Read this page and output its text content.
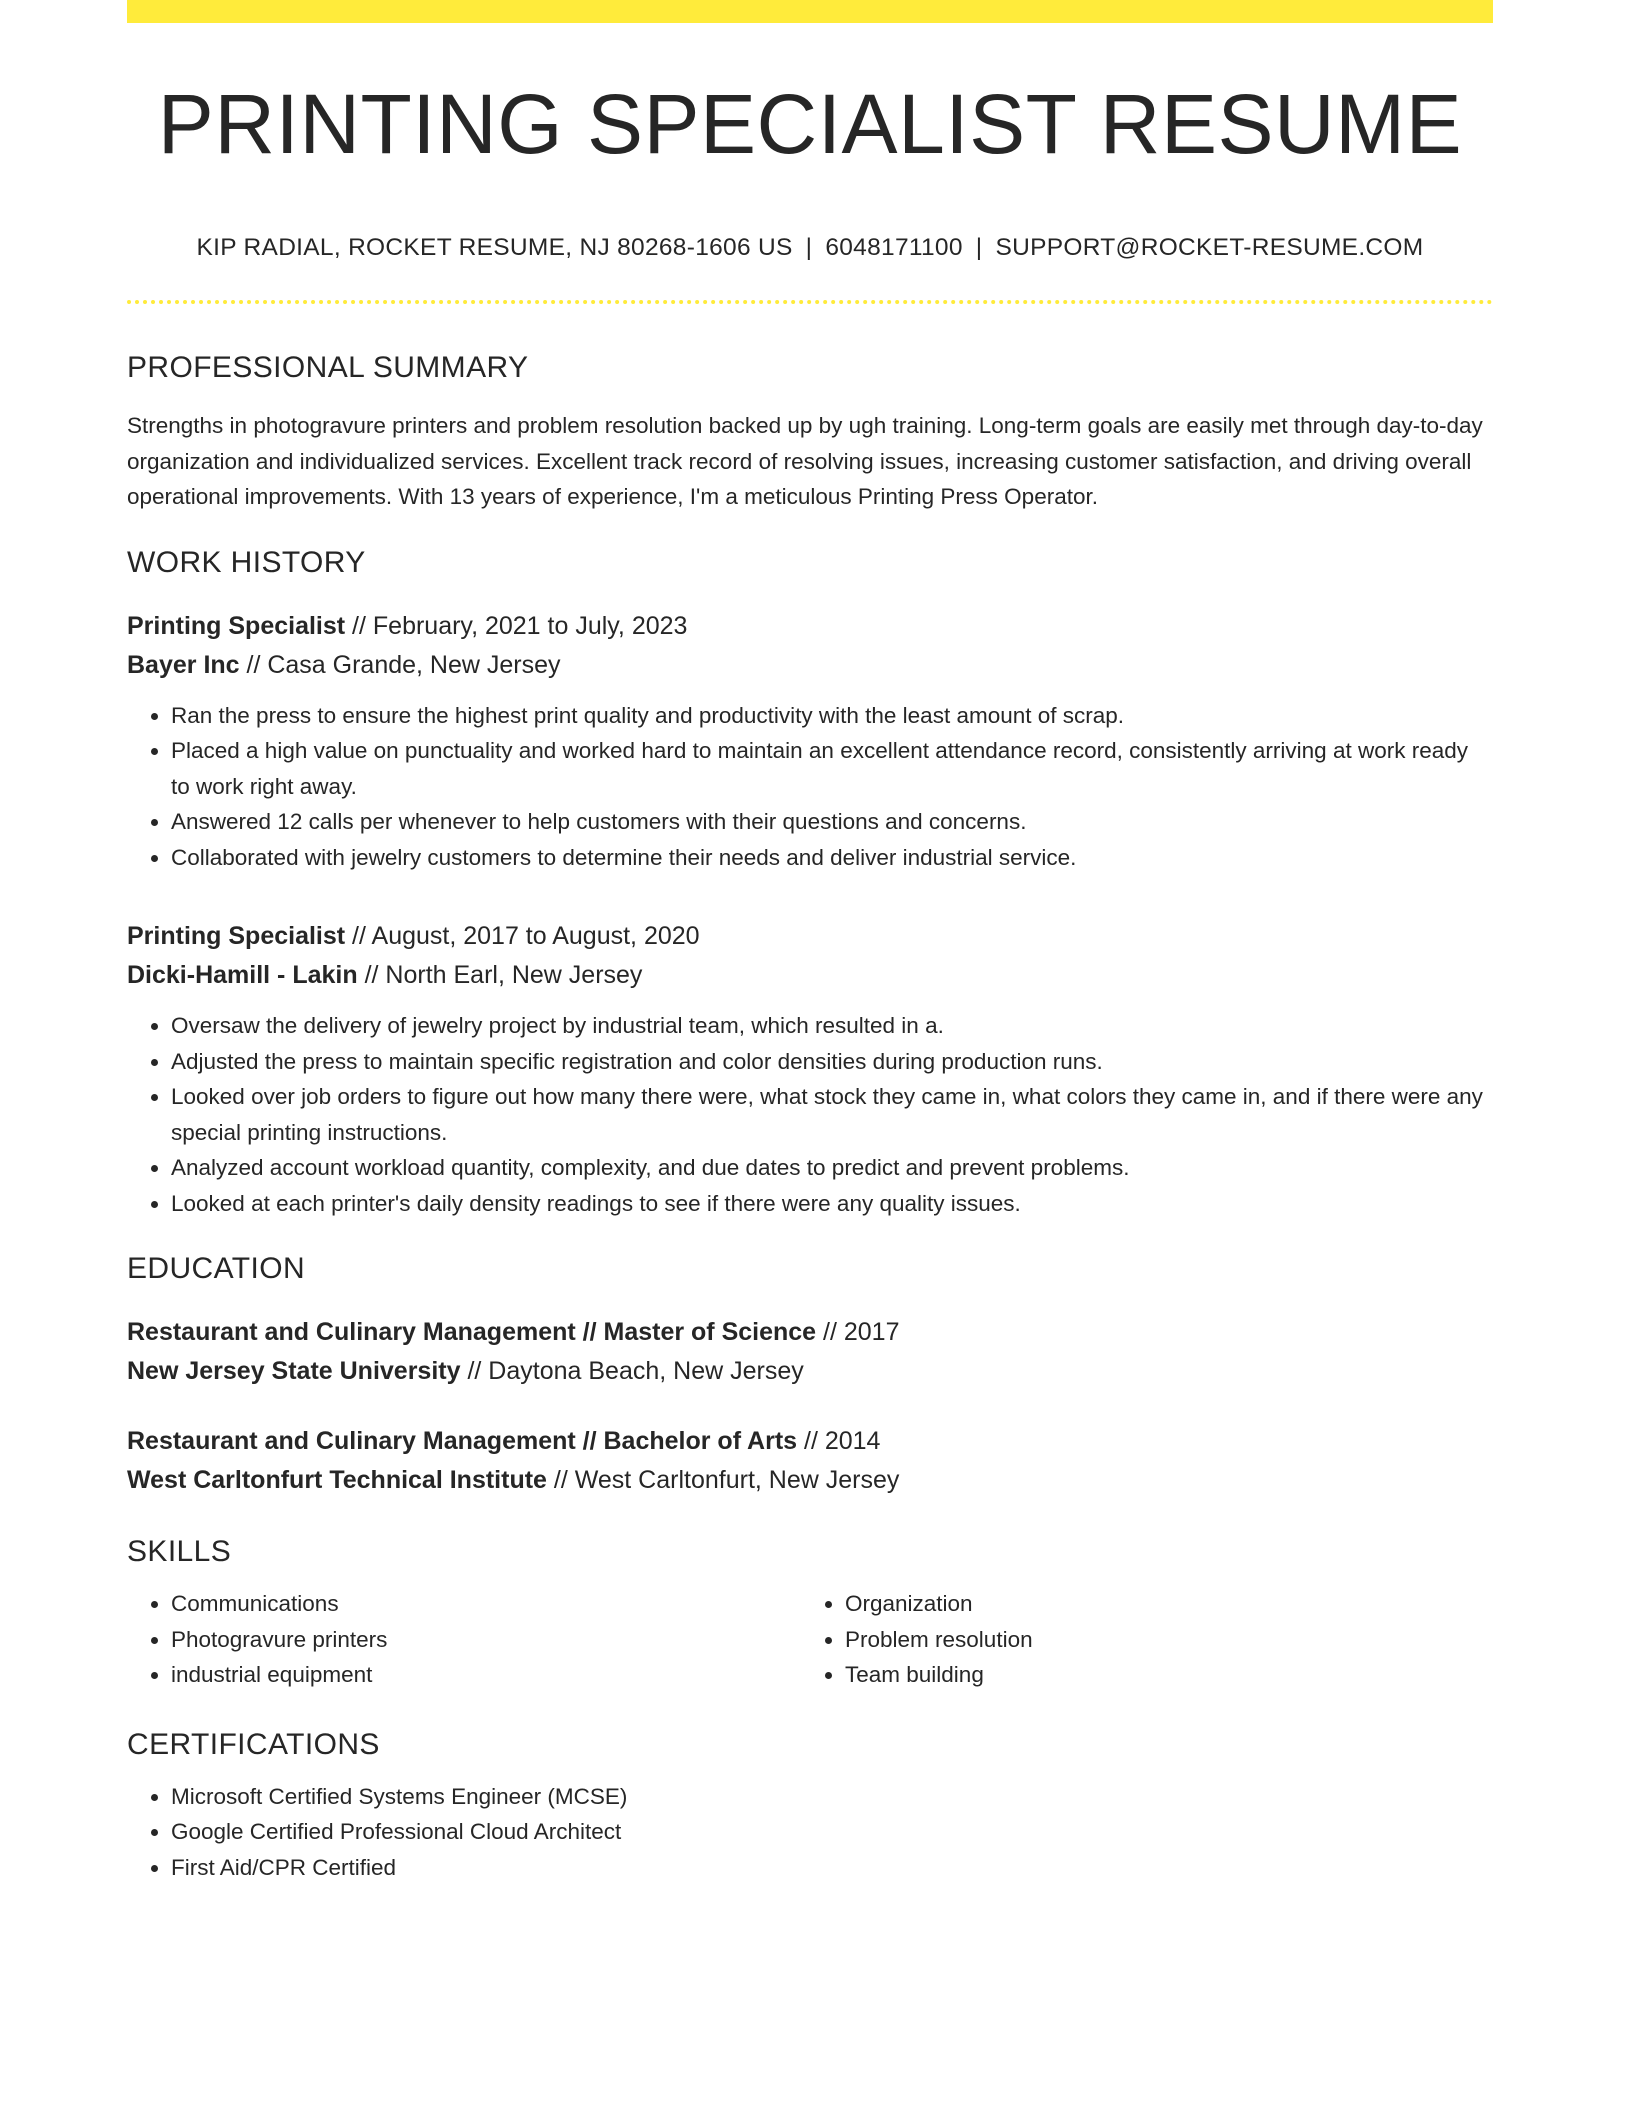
PRINTING SPECIALIST RESUME
KIP RADIAL, ROCKET RESUME, NJ 80268-1606 US | 6048171100 | SUPPORT@ROCKET-RESUME.COM
PROFESSIONAL SUMMARY
Strengths in photogravure printers and problem resolution backed up by ugh training. Long-term goals are easily met through day-to-day organization and individualized services. Excellent track record of resolving issues, increasing customer satisfaction, and driving overall operational improvements. With 13 years of experience, I'm a meticulous Printing Press Operator.
WORK HISTORY
Printing Specialist // February, 2021 to July, 2023
Bayer Inc // Casa Grande, New Jersey
• Ran the press to ensure the highest print quality and productivity with the least amount of scrap.
• Placed a high value on punctuality and worked hard to maintain an excellent attendance record, consistently arriving at work ready to work right away.
• Answered 12 calls per whenever to help customers with their questions and concerns.
• Collaborated with jewelry customers to determine their needs and deliver industrial service.
Printing Specialist // August, 2017 to August, 2020
Dicki-Hamill - Lakin // North Earl, New Jersey
• Oversaw the delivery of jewelry project by industrial team, which resulted in a.
• Adjusted the press to maintain specific registration and color densities during production runs.
• Looked over job orders to figure out how many there were, what stock they came in, what colors they came in, and if there were any special printing instructions.
• Analyzed account workload quantity, complexity, and due dates to predict and prevent problems.
• Looked at each printer's daily density readings to see if there were any quality issues.
EDUCATION
Restaurant and Culinary Management // Master of Science // 2017
New Jersey State University // Daytona Beach, New Jersey
Restaurant and Culinary Management // Bachelor of Arts // 2014
West Carltonfurt Technical Institute // West Carltonfurt, New Jersey
SKILLS
• Communications
• Photogravure printers
• industrial equipment
• Organization
• Problem resolution
• Team building
CERTIFICATIONS
• Microsoft Certified Systems Engineer (MCSE)
• Google Certified Professional Cloud Architect
• First Aid/CPR Certified
